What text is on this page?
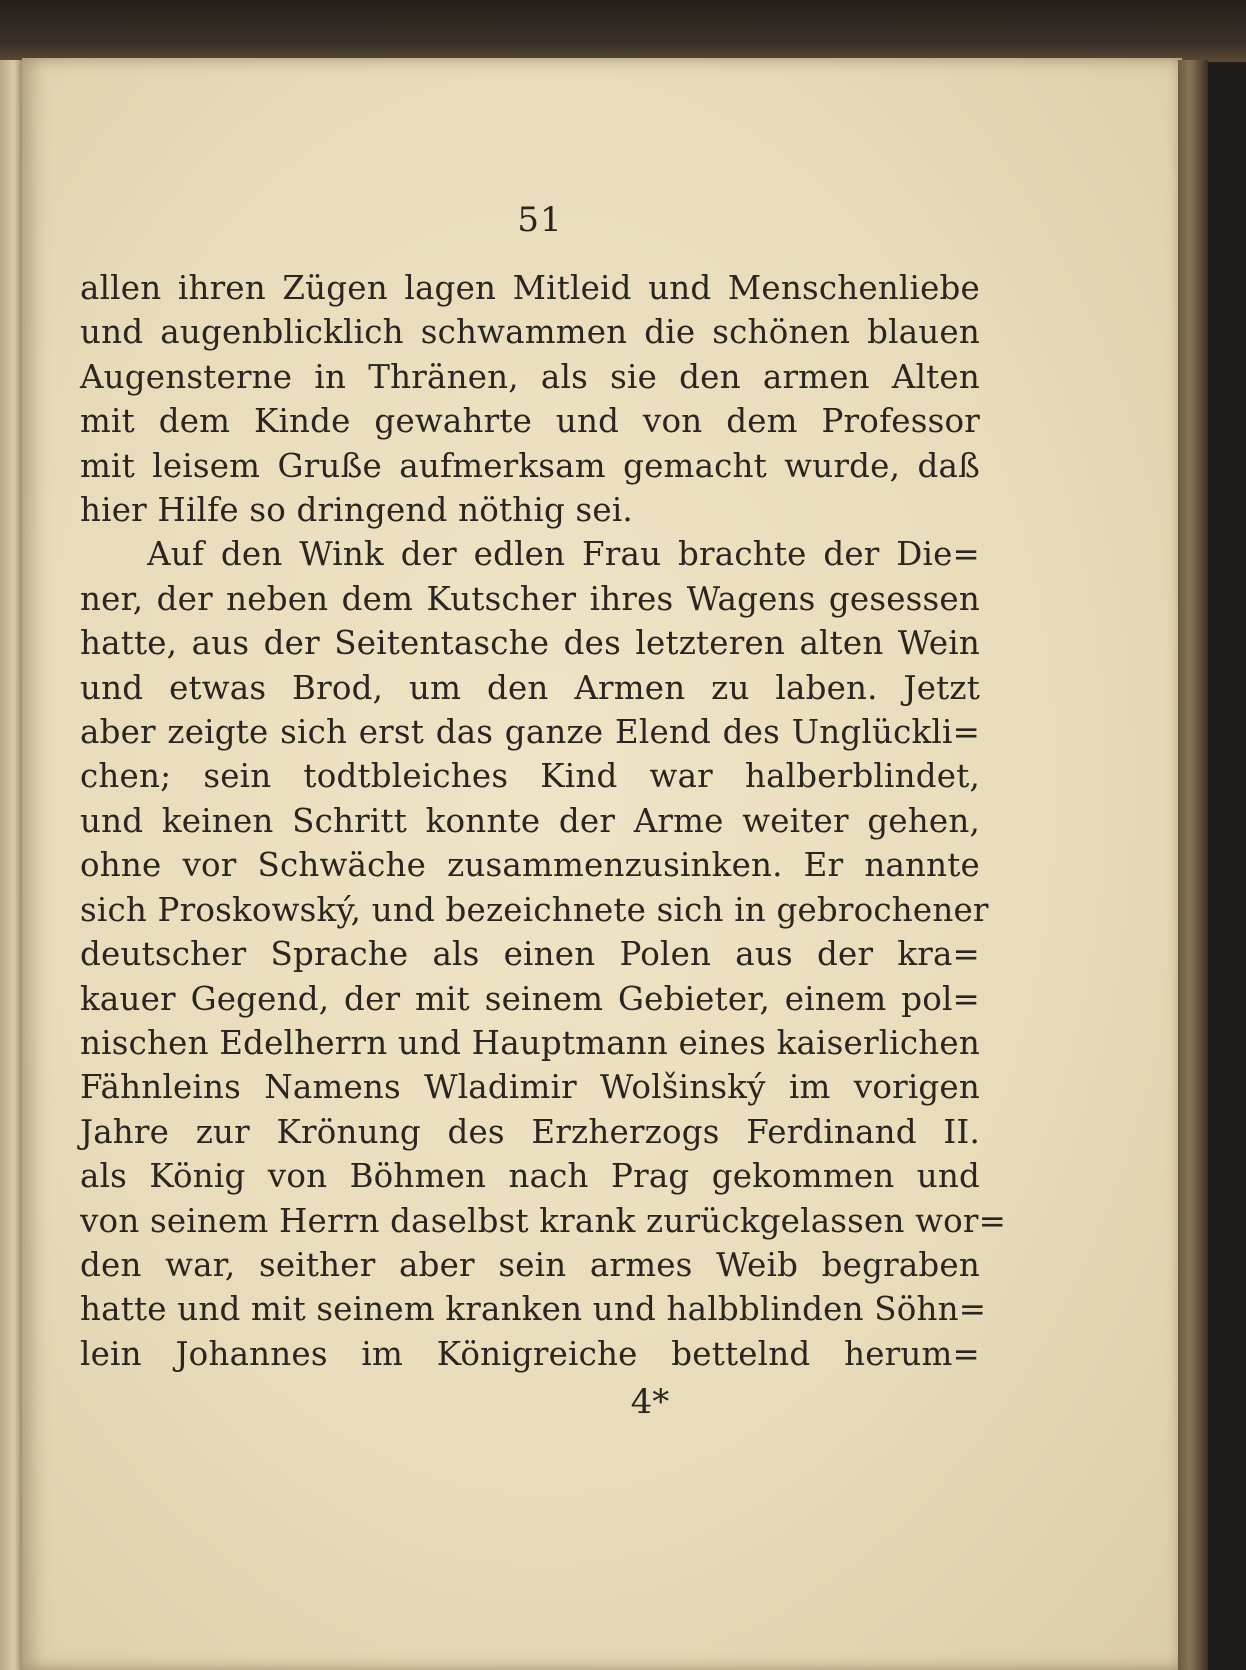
51
allen ihren Zügen lagen Mitleid und Menschenliebe
und augenblicklich schwammen die schönen blauen
Augensterne in Thränen, als sie den armen Alten
mit dem Kinde gewahrte und von dem Professor
mit leisem Gruße aufmerksam gemacht wurde, daß
hier Hilfe so dringend nöthig sei.
Auf den Wink der edlen Frau brachte der Die=
ner, der neben dem Kutscher ihres Wagens gesessen
hatte, aus der Seitentasche des letzteren alten Wein
und etwas Brod, um den Armen zu laben. Jetzt
aber zeigte sich erst das ganze Elend des Unglückli=
chen; sein todtbleiches Kind war halberblindet,
und keinen Schritt konnte der Arme weiter gehen,
ohne vor Schwäche zusammenzusinken. Er nannte
sich Proskowský, und bezeichnete sich in gebrochener
deutscher Sprache als einen Polen aus der kra=
kauer Gegend, der mit seinem Gebieter, einem pol=
nischen Edelherrn und Hauptmann eines kaiserlichen
Fähnleins Namens Wladimir Wolšinský im vorigen
Jahre zur Krönung des Erzherzogs Ferdinand II.
als König von Böhmen nach Prag gekommen und
von seinem Herrn daselbst krank zurückgelassen wor=
den war, seither aber sein armes Weib begraben
hatte und mit seinem kranken und halbblinden Söhn=
lein Johannes im Königreiche bettelnd herum=
4*
